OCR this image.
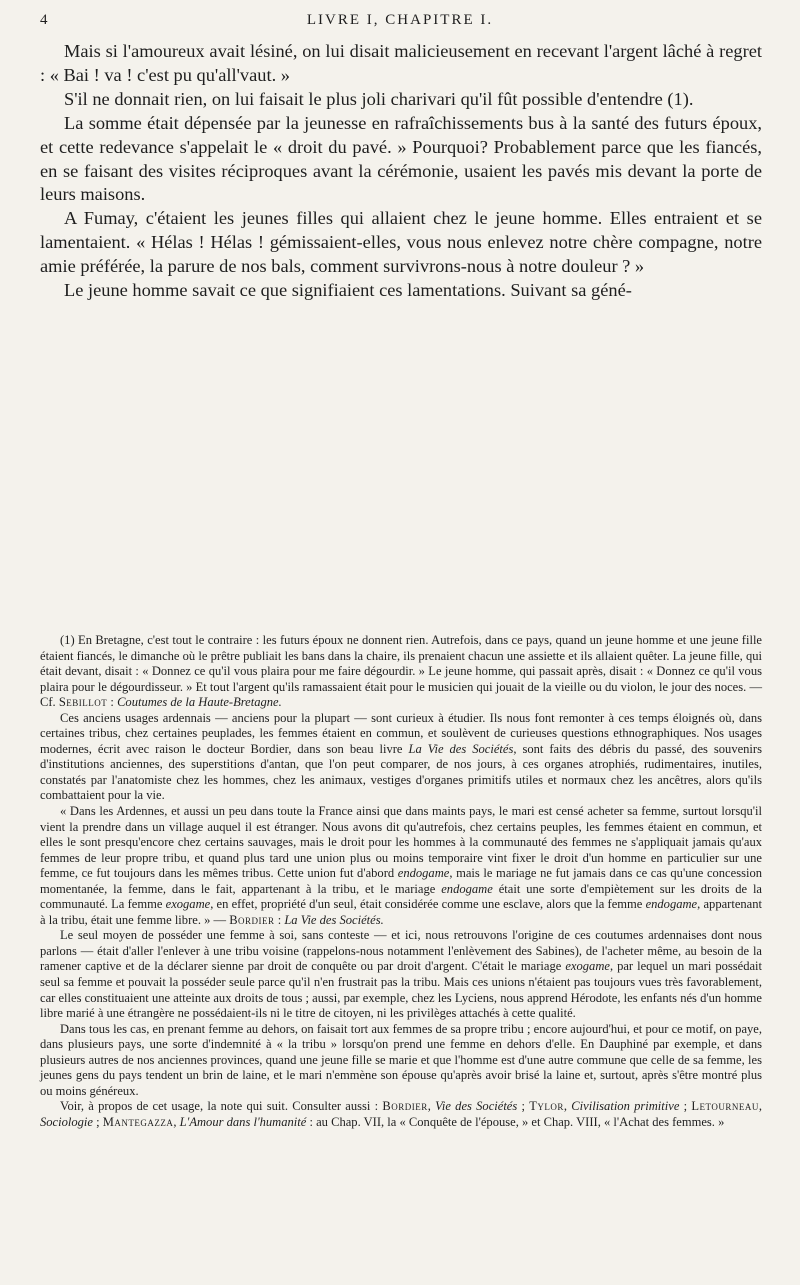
4	LIVRE I, CHAPITRE I.

Mais si l'amoureux avait lésiné, on lui disait malicieusement en recevant l'argent lâché à regret : « Bai ! va ! c'est pu qu'all'vaut. »

S'il ne donnait rien, on lui faisait le plus joli charivari qu'il fût possible d'entendre (1).

La somme était dépensée par la jeunesse en rafraîchissements bus à la santé des futurs époux, et cette redevance s'appelait le « droit du pavé. » Pourquoi? Probablement parce que les fiancés, en se faisant des visites réciproques avant la cérémonie, usaient les pavés mis devant la porte de leurs maisons.

A Fumay, c'étaient les jeunes filles qui allaient chez le jeune homme. Elles entraient et se lamentaient. « Hélas ! Hélas ! gémissaient-elles, vous nous enlevez notre chère compagne, notre amie préférée, la parure de nos bals, comment survivrons-nous à notre douleur ? »

Le jeune homme savait ce que signifiaient ces lamentations. Suivant sa géné-

(1) En Bretagne, c'est tout le contraire : les futurs époux ne donnent rien. Autrefois, dans ce pays, quand un jeune homme et une jeune fille étaient fiancés, le dimanche où le prêtre publiait les bans dans la chaire, ils prenaient chacun une assiette et ils allaient quêter. La jeune fille, qui était devant, disait : « Donnez ce qu'il vous plaira pour me faire dégourdir. » Le jeune homme, qui passait après, disait : « Donnez ce qu'il vous plaira pour le dégourdisseur. » Et tout l'argent qu'ils ramassaient était pour le musicien qui jouait de la vieille ou du violon, le jour des noces. — Cf. Sebillot : Coutumes de la Haute-Bretagne.

Ces anciens usages ardennais — anciens pour la plupart — sont curieux à étudier. Ils nous font remonter à ces temps éloignés où, dans certaines tribus, chez certaines peuplades, les femmes étaient en commun, et soulèvent de curieuses questions ethnographiques. Nos usages modernes, écrit avec raison le docteur Bordier, dans son beau livre La Vie des Sociétés, sont faits des débris du passé, des souvenirs d'institutions anciennes, des superstitions d'antan, que l'on peut comparer, de nos jours, à ces organes atrophiés, rudimentaires, inutiles, constatés par l'anatomiste chez les hommes, chez les animaux, vestiges d'organes primitifs utiles et normaux chez les ancêtres, alors qu'ils combattaient pour la vie.

« Dans les Ardennes, et aussi un peu dans toute la France ainsi que dans maints pays, le mari est censé acheter sa femme, surtout lorsqu'il vient la prendre dans un village auquel il est étranger. Nous avons dit qu'autrefois, chez certains peuples, les femmes étaient en commun, et elles le sont presqu'encore chez certains sauvages, mais le droit pour les hommes à la communauté des femmes ne s'appliquait jamais qu'aux femmes de leur propre tribu, et quand plus tard une union plus ou moins temporaire vint fixer le droit d'un homme en particulier sur une femme, ce fut toujours dans les mêmes tribus. Cette union fut d'abord endogame, mais le mariage ne fut jamais dans ce cas qu'une concession momentanée, la femme, dans le fait, appartenant à la tribu, et le mariage endogame était une sorte d'empiètement sur les droits de la communauté. La femme exogame, en effet, propriété d'un seul, était considérée comme une esclave, alors que la femme endogame, appartenant à la tribu, était une femme libre. » — Bordier : La Vie des Sociétés.

Le seul moyen de posséder une femme à soi, sans conteste — et ici, nous retrouvons l'origine de ces coutumes ardennaises dont nous parlons — était d'aller l'enlever à une tribu voisine (rappelons-nous notamment l'enlèvement des Sabines), de l'acheter même, au besoin de la ramener captive et de la déclarer sienne par droit de conquête ou par droit d'argent. C'était le mariage exogame, par lequel un mari possédait seul sa femme et pouvait la posséder seule parce qu'il n'en frustrait pas la tribu. Mais ces unions n'étaient pas toujours vues très favorablement, car elles constituaient une atteinte aux droits de tous ; aussi, par exemple, chez les Lyciens, nous apprend Hérodote, les enfants nés d'un homme libre marié à une étrangère ne possédaient-ils ni le titre de citoyen, ni les privilèges attachés à cette qualité.

Dans tous les cas, en prenant femme au dehors, on faisait tort aux femmes de sa propre tribu ; encore aujourd'hui, et pour ce motif, on paye, dans plusieurs pays, une sorte d'indemnité à « la tribu » lorsqu'on prend une femme en dehors d'elle. En Dauphiné par exemple, et dans plusieurs autres de nos anciennes provinces, quand une jeune fille se marie et que l'homme est d'une autre commune que celle de sa femme, les jeunes gens du pays tendent un brin de laine, et le mari n'emmène son épouse qu'après avoir brisé la laine et, surtout, après s'être montré plus ou moins généreux.

Voir, à propos de cet usage, la note qui suit. Consulter aussi : Bordier, Vie des Sociétés ; Tylor, Civilisation primitive ; Letourneau, Sociologie ; Mantegazza, L'Amour dans l'humanité : au Chap. VII, la « Conquête de l'épouse, » et Chap. VIII, « l'Achat des femmes. »
